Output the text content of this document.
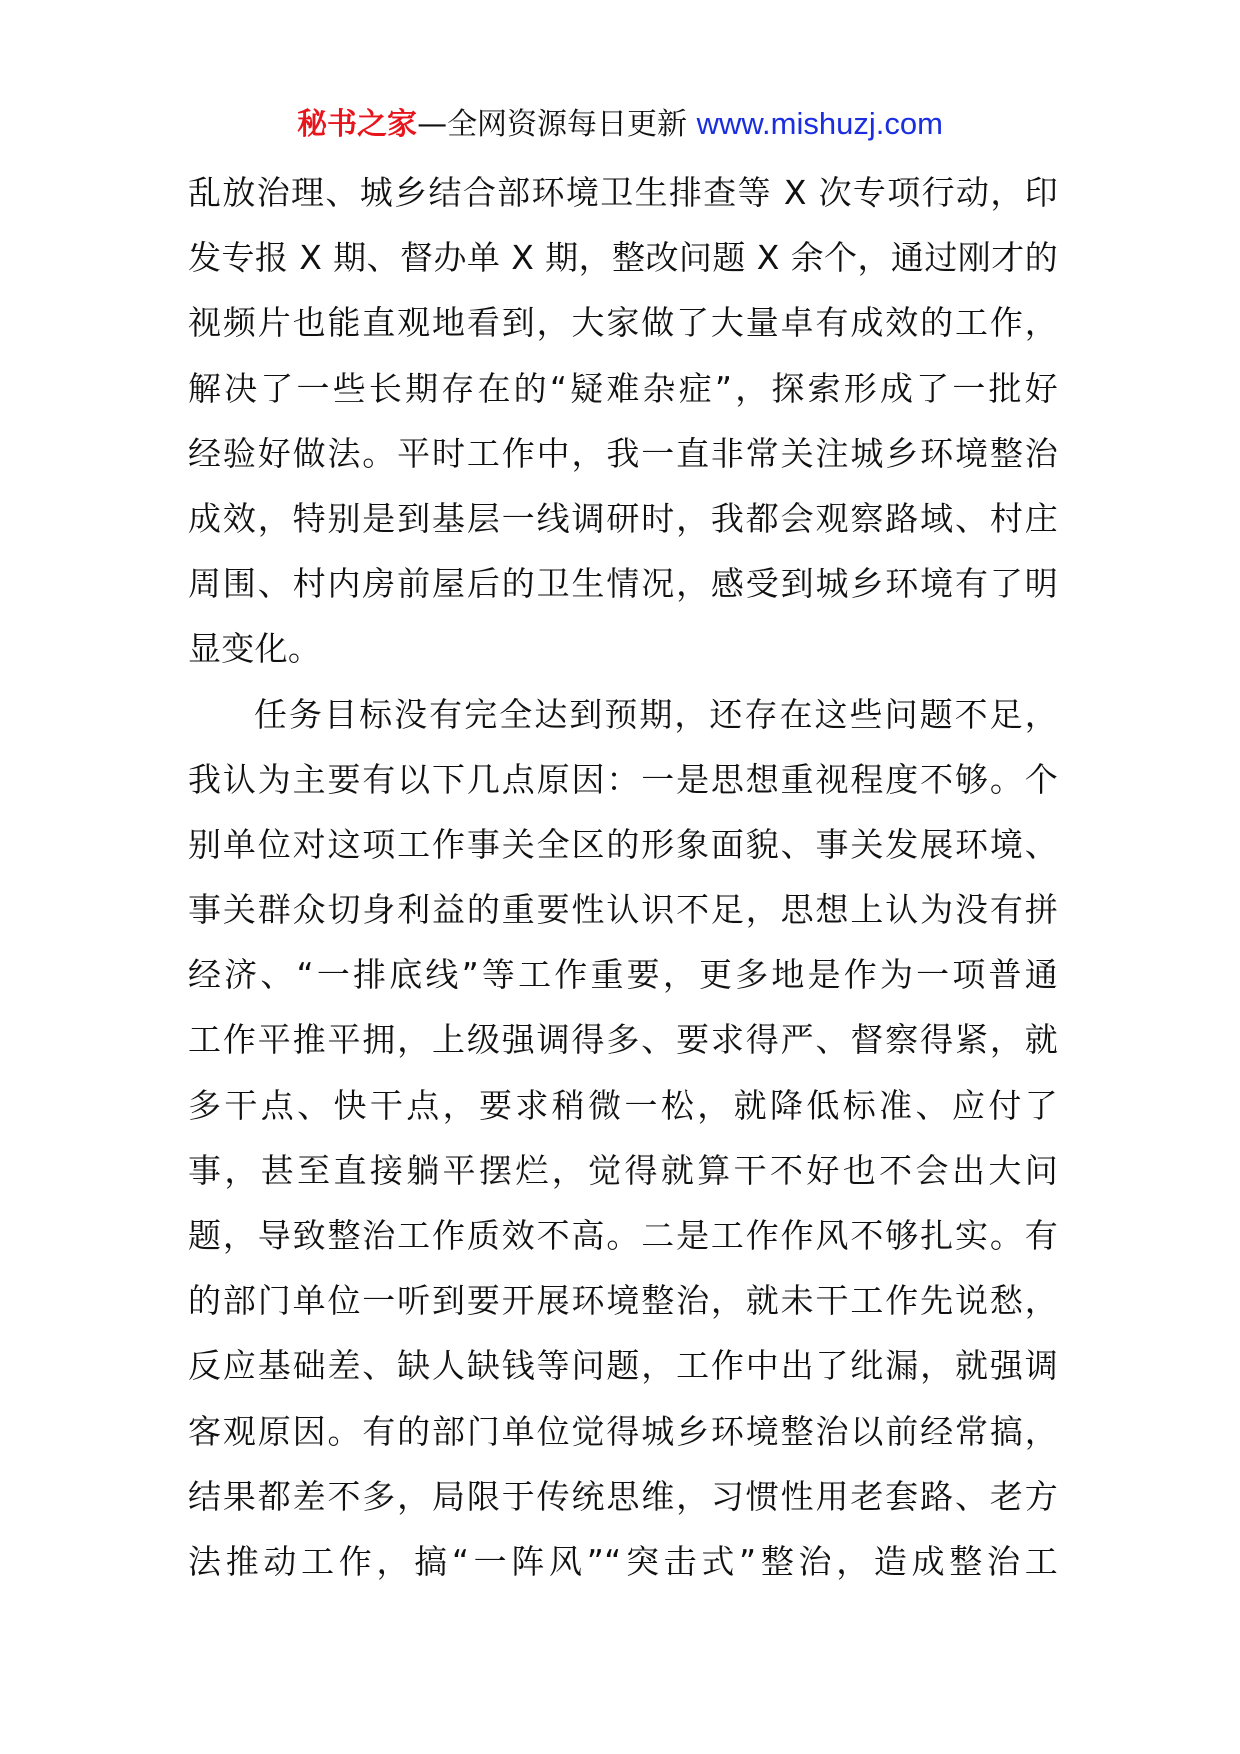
秘书之家—全网资源每日更新 www.mishuzj.com
乱放治理、城乡结合部环境卫生排查等 X 次专项行动，印
发专报 X 期、督办单 X 期，整改问题 X 余个，通过刚才的
视频片也能直观地看到，大家做了大量卓有成效的工作，
解决了一些长期存在的“疑难杂症”，探索形成了一批好
经验好做法。平时工作中，我一直非常关注城乡环境整治
成效，特别是到基层一线调研时，我都会观察路域、村庄
周围、村内房前屋后的卫生情况，感受到城乡环境有了明
显变化。
任务目标没有完全达到预期，还存在这些问题不足，
我认为主要有以下几点原因：一是思想重视程度不够。个
别单位对这项工作事关全区的形象面貌、事关发展环境、
事关群众切身利益的重要性认识不足，思想上认为没有拼
经济、“一排底线”等工作重要，更多地是作为一项普通
工作平推平拥，上级强调得多、要求得严、督察得紧，就
多干点、快干点，要求稍微一松，就降低标准、应付了
事，甚至直接躺平摆烂，觉得就算干不好也不会出大问
题，导致整治工作质效不高。二是工作作风不够扎实。有
的部门单位一听到要开展环境整治，就未干工作先说愁，
反应基础差、缺人缺钱等问题，工作中出了纰漏，就强调
客观原因。有的部门单位觉得城乡环境整治以前经常搞，
结果都差不多，局限于传统思维，习惯性用老套路、老方
法推动工作，搞“一阵风”“突击式”整治，造成整治工
